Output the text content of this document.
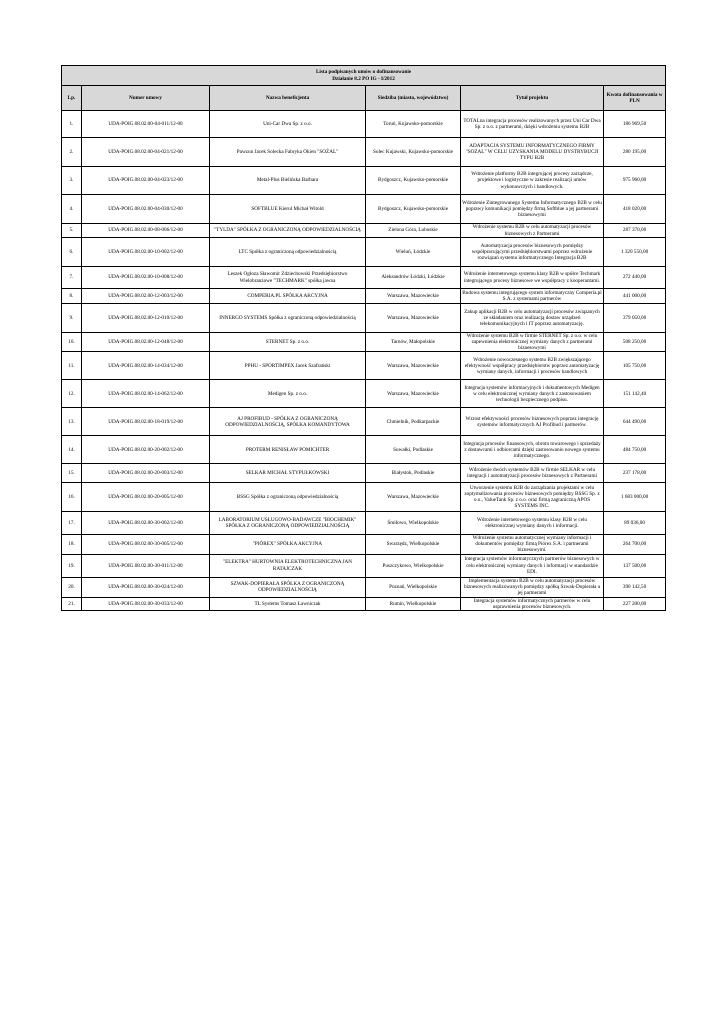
Lista podpisanych umów o dofinansowanie
Działanie 8.2 PO IG - I/2012					

Lp.	Numer umowy	Nazwa beneficjenta	Siedziba (miasto, województwo)	Tytuł projektu	Kwota dofinansowania w PLN
1.	UDA-POIG.08.02.00-04-011/12-00	Uni-Car Dwa Sp. z o.o.	Toruń, Kujawsko-pomorskie	TOTALna integracja procesów realizowanych przez Uni Car Dwa Sp. z o.o. z partnerami, dzięki wdrożeniu systemu B2B	186 969,50
2.	UDA-POIG.08.02.00-04-021/12-00	Pawzun Jacek Solecka Fabryka Okien "SOŻAL"	Solec Kujawski, Kujawsko-pomorskie	ADAPTACJA SYSTEMU INFORMATYCZNEGO FIRMY "SOŻAL" W CELU UZYSKANIA MODELU DYSTRYBUCJI TYPU B2B	280 195,00
3.	UDA-POIG.08.02.00-04-023/12-00	Metal-Plus Bielińska Barbara	Bydgoszcz, Kujawsko-pomorskie	Wdrożenie platformy B2B integrującej procesy zarządcze, projektowe i logistyczne w zakresie realizacji umów wykonawczych i handlowych.	975 960,00
4.	UDA-POIG.08.02.00-04-030/12-00	SOFTBLUE Kierul Michał Witold	Bydgoszcz, Kujawsko-pomorskie	Wdrożenie Zintegrowanego Systemu Informatycznego B2B w celu poprawy komunikacji pomiędzy firmą Softblue a jej partnerami biznesowymi	418 020,00
5.	UDA-POIG.08.02.00-08-006/12-00	"TYLDA" SPÓŁKA Z OGRANICZONĄ ODPOWIEDZIALNOŚCIĄ	Zielona Góra, Lubuskie	Wdrożenie systemu B2B w celu automatyzacji procesów biznesowych z Partnerami	287 370,00
6.	UDA-POIG.08.02.00-10-002/12-00	LTC Spółka z ograniczoną odpowiedzialnością	Wieluń, Łódzkie	Automatyzacja procesów biznesowych pomiędzy współpracującymi przedsiębiorstwami poprzez wdrożenie rozwiązań systemu informatycznego Integracja B2B	1 320 550,00
7.	UDA-POIG.08.02.00-10-008/12-00	Leszek Ogłoza Sławomir Zdziechowski Przedsiębiorstwo Wielobranżowe "TECHMARK" spółka jawna	Aleksandrów Łódzki, Łódzkie	Wdrożenie internetowego systemu klasy B2B w spółce Techmark integrującego procesy biznesowe we współpracy z kooperantami.	272 440,00
8.	UDA-POIG.08.02.00-12-003/12-00	COMPERIA.PL SPÓŁKA AKCYJNA	Warszawa, Mazowieckie	Budowa systemu integrującego system informatyczny Comperia.pl S.A. z systemami partnerów	441 000,00
9.	UDA-POIG.08.02.00-12-010/12-00	INNERGO SYSTEMS Spółka z ograniczoną odpowiedzialnością	Warszawa, Mazowieckie	Zakup aplikacji B2B w celu automatyzacji procesów związanych ze składaniem oraz realizacją dostaw urządzeń telekomunikacyjnych i IT poprzez automatyzację.	379 050,00
10.	UDA-POIG.08.02.00-12-048/12-00	STERNET Sp. z o.o.	Tarnów, Małopolskie	Wdrożenie systemu B2B w firmie STERNET Sp. z o.o. w celu zapewnienia elektronicznej wymiany danych z partnerami biznesowymi	508 250,00
11.	UDA-POIG.08.02.00-14-034/12-00	PPHU - SPORTIMPEX Jacek Szafrański	Warszawa, Mazowieckie	Wdrożenie nowoczesnego systemu B2B zwiększającego efektywność współpracy przedsiębiorstw poprzez automatyzację wymiany danych, informacji i procesów handlowych	105 750,00
12.	UDA-POIG.08.02.00-14-062/12-00	Medigen Sp. z o.o.	Warszawa, Mazowieckie	Integracja systemów informacyjnych i dokumentowych Medigen w celu elektronicznej wymiany danych z zastosowaniem technologii bezpiecznego podpisu.	151 142,40
13.	UDA-POIG.08.02.00-18-019/12-00	AJ PROFIBUD - SPÓŁKA Z OGRANICZONĄ ODPOWIEDZIALNOŚCIĄ, SPÓŁKA KOMANDYTOWA	Chmielnik, Podkarpackie	Wzrost efektywności procesów biznesowych poprzez integrację systemów informatycznych AJ Profibud i partnerów.	644 490,00
14.	UDA-POIG.08.02.00-20-002/12-00	PROTERM RENISŁAW POMICHTER	Suwałki, Podlaskie	Integracja procesów finansowych, obrotu towarowego i sprzedaży z dostawcami i odbiorcami dzięki zastosowaniu nowego systemu informatycznego.	484 750,00
15.	UDA-POIG.08.02.00-20-003/12-00	SELKAR MICHAŁ STYPUŁKOWSKI	Białystok, Podlaskie	Wdrożenie dwóch systemów B2B w firmie SELKAR w celu integracji i automatyzacji procesów biznesowych z Partnerami	237 178,00
16.	UDA-POIG.08.02.00-20-005/12-00	BSSG Spółka z ograniczoną odpowiedzialnością	Warszawa, Mazowieckie	Utworzenie systemu B2B do zarządzania projektami w celu zoptymalizowania procesów biznesowych pomiędzy BSSG Sp. z o.o., ValueTank Sp. z o.o. oraz firmą zagraniczną APOS SYSTEMS INC.	1 683 000,00
17.	UDA-POIG.08.02.00-30-002/12-00	LABORATORIUM USŁUGOWO-BADAWCZE "BIOCHEMIK" SPÓŁKA Z OGRANICZONĄ ODPOWIEDZIALNOŚCIĄ	Śmiłowo, Wielkopolskie	Wdrożenie internetowego systemu klasy B2B w celu elektronicznej wymiany danych i informacji.	89 036,00
18.	UDA-POIG.08.02.00-30-005/12-00	"PIÓREX" SPÓŁKA AKCYJNA	Swarzędz, Wielkopolskie	Wdrożenie systemu automatycznej wymiany informacji i dokumentów pomiędzy firmą Piórex S.A. i partnerami biznesowymi.	264 700,00
19.	UDA-POIG.08.02.00-30-011/12-00	"ELEKTRA" HURTOWNIA ELEKTROTECHNICZNA JAN RATAJCZAK	Puszczykowo, Wielkopolskie	Integracja systemów informatycznych partnerów biznesowych w celu elektronicznej wymiany danych i informacji w standardzie EDI.	137 500,00
20.	UDA-POIG.08.02.00-30-024/12-00	SZWAK-DOPIERAŁA SPÓŁKA Z OGRANICZONĄ ODPOWIEDZIALNOŚCIĄ	Poznań, Wielkopolskie	Implementacja systemu B2B w celu automatyzacji procesów biznesowych realizowanych pomiędzy spółką Szwak-Dopierała a jej partnerami	390 142,50
21.	UDA-POIG.08.02.00-30-033/12-00	TL Systems Tomasz Ławniczak	Rumin, Wielkopolskie	Integracja systemów informatycznych partnerów w celu usprawnienia procesów biznesowych.	227 200,00
